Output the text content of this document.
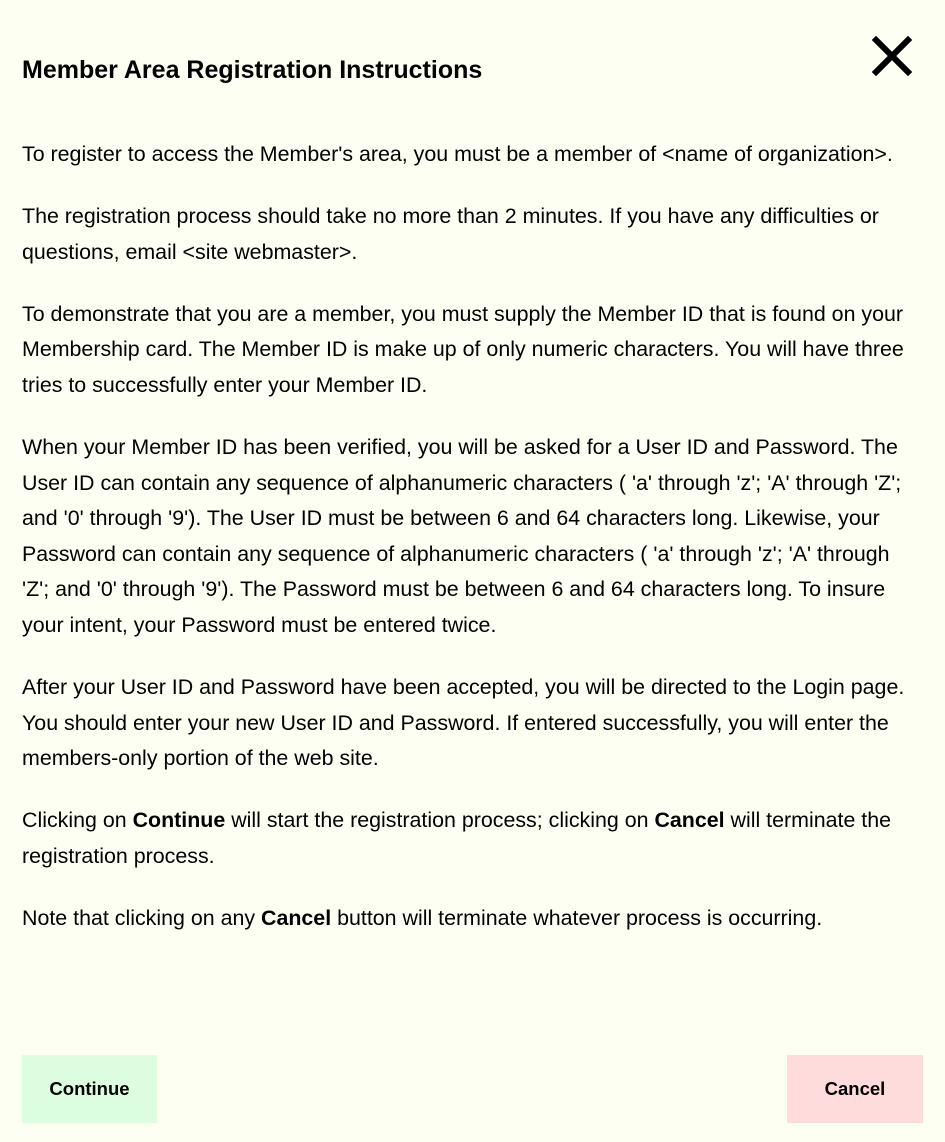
Member Area Registration Instructions

To register to access the Member's area, you must be a member of <name of organization>.

The registration process should take no more than 2 minutes. If you have any difficulties or questions, email <site webmaster>.

To demonstrate that you are a member, you must supply the Member ID that is found on your Membership card. The Member ID is make up of only numeric characters. You will have three tries to successfully enter your Member ID.

When your Member ID has been verified, you will be asked for a User ID and Password. The User ID can contain any sequence of alphanumeric characters ( 'a' through 'z'; 'A' through 'Z'; and '0' through '9'). The User ID must be between 6 and 64 characters long. Likewise, your Password can contain any sequence of alphanumeric characters ( 'a' through 'z'; 'A' through 'Z'; and '0' through '9'). The Password must be between 6 and 64 characters long. To insure your intent, your Password must be entered twice.

After your User ID and Password have been accepted, you will be directed to the Login page. You should enter your new User ID and Password. If entered successfully, you will enter the members-only portion of the web site.

Clicking on Continue will start the registration process; clicking on Cancel will terminate the registration process.

Note that clicking on any Cancel button will terminate whatever process is occurring.

Continue	Cancel
